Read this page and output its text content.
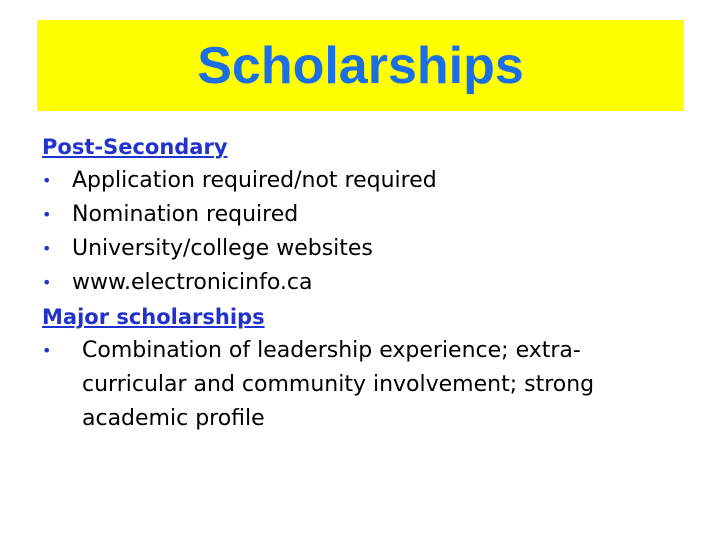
Scholarships
Post-Secondary
• Application required/not required
• Nomination required
• University/college websites
• www.electronicinfo.ca
Major scholarships
•	Combination of leadership experience; extra-curricular and community involvement; strong academic profile
